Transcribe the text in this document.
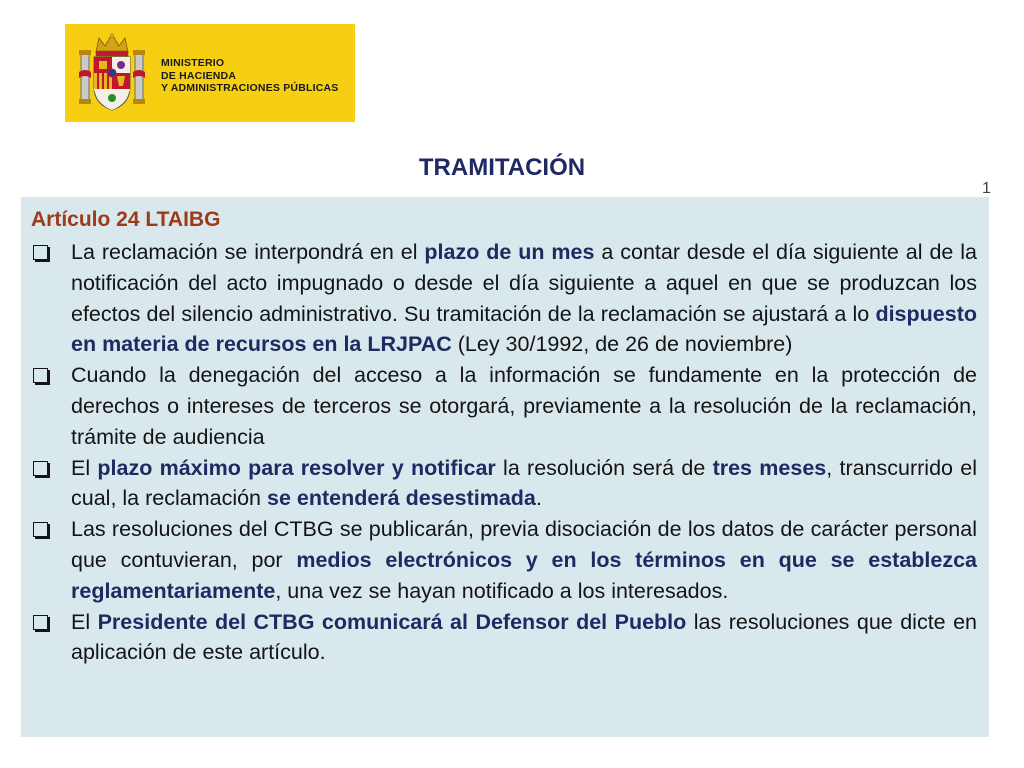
MINISTERIO
DE HACIENDA
Y ADMINISTRACIONES PÚBLICAS
TRAMITACIÓN
1
Artículo 24 LTAIBG
La reclamación se interpondrá en el plazo de un mes a contar desde el día siguiente al de la notificación del acto impugnado o desde el día siguiente a aquel en que se produzcan los efectos del silencio administrativo. Su tramitación de la reclamación se ajustará a lo dispuesto en materia de recursos en la LRJPAC (Ley 30/1992, de 26 de noviembre)
Cuando la denegación del acceso a la información se fundamente en la protección de derechos o intereses de terceros se otorgará, previamente a la resolución de la reclamación, trámite de audiencia
El plazo máximo para resolver y notificar la resolución será de tres meses, transcurrido el cual, la reclamación se entenderá desestimada.
Las resoluciones del CTBG se publicarán, previa disociación de los datos de carácter personal que contuvieran, por medios electrónicos y en los términos en que se establezca reglamentariamente, una vez se hayan notificado a los interesados.
El Presidente del CTBG comunicará al Defensor del Pueblo las resoluciones que dicte en aplicación de este artículo.
